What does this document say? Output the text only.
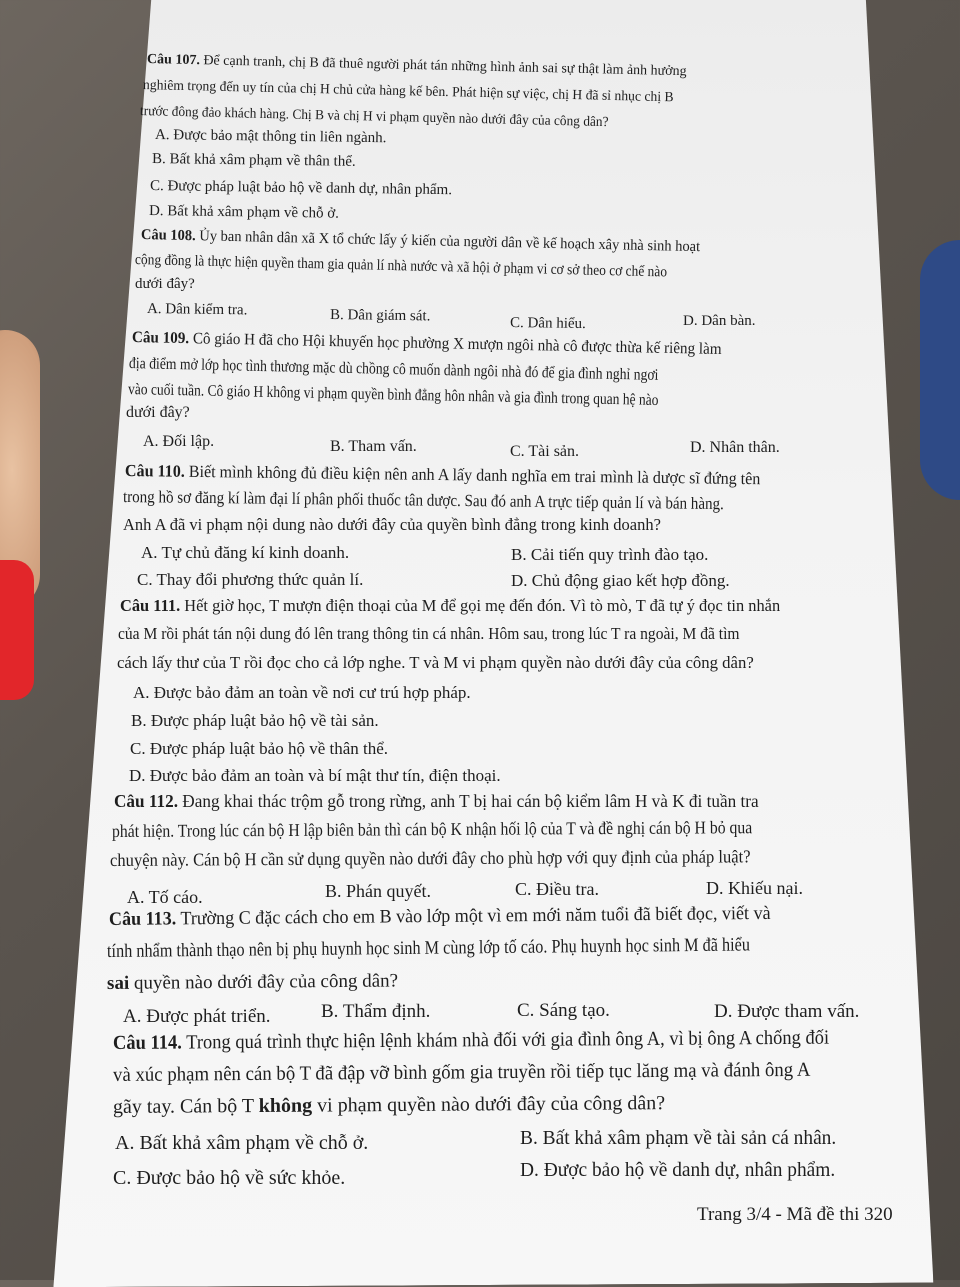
Câu 107. Để cạnh tranh, chị B đã thuê người phát tán những hình ảnh sai sự thật làm ảnh hưởng
nghiêm trọng đến uy tín của chị H chủ cửa hàng kế bên. Phát hiện sự việc, chị H đã sỉ nhục chị B
trước đông đảo khách hàng. Chị B và chị H vi phạm quyền nào dưới đây của công dân?
A. Được bảo mật thông tin liên ngành.
B. Bất khả xâm phạm về thân thể.
C. Được pháp luật bảo hộ về danh dự, nhân phẩm.
D. Bất khả xâm phạm về chỗ ở.
Câu 108. Ủy ban nhân dân xã X tổ chức lấy ý kiến của người dân về kế hoạch xây nhà sinh hoạt
cộng đồng là thực hiện quyền tham gia quản lí nhà nước và xã hội ở phạm vi cơ sở theo cơ chế nào
dưới đây?
A. Dân kiểm tra.	B. Dân giám sát.	C. Dân hiểu.	D. Dân bàn.
Câu 109. Cô giáo H đã cho Hội khuyến học phường X mượn ngôi nhà cô được thừa kế riêng làm
địa điểm mở lớp học tình thương mặc dù chồng cô muốn dành ngôi nhà đó để gia đình nghỉ ngơi
vào cuối tuần. Cô giáo H không vi phạm quyền bình đẳng hôn nhân và gia đình trong quan hệ nào
dưới đây?
A. Đối lập.	B. Tham vấn.	C. Tài sản.	D. Nhân thân.
Câu 110. Biết mình không đủ điều kiện nên anh A lấy danh nghĩa em trai mình là dược sĩ đứng tên
trong hồ sơ đăng kí làm đại lí phân phối thuốc tân dược. Sau đó anh A trực tiếp quản lí và bán hàng.
Anh A đã vi phạm nội dung nào dưới đây của quyền bình đẳng trong kinh doanh?
A. Tự chủ đăng kí kinh doanh.	B. Cải tiến quy trình đào tạo.
C. Thay đổi phương thức quản lí.	D. Chủ động giao kết hợp đồng.
Câu 111. Hết giờ học, T mượn điện thoại của M để gọi mẹ đến đón. Vì tò mò, T đã tự ý đọc tin nhắn
của M rồi phát tán nội dung đó lên trang thông tin cá nhân. Hôm sau, trong lúc T ra ngoài, M đã tìm
cách lấy thư của T rồi đọc cho cả lớp nghe. T và M vi phạm quyền nào dưới đây của công dân?
A. Được bảo đảm an toàn về nơi cư trú hợp pháp.
B. Được pháp luật bảo hộ về tài sản.
C. Được pháp luật bảo hộ về thân thể.
D. Được bảo đảm an toàn và bí mật thư tín, điện thoại.
Câu 112. Đang khai thác trộm gỗ trong rừng, anh T bị hai cán bộ kiểm lâm H và K đi tuần tra
phát hiện. Trong lúc cán bộ H lập biên bản thì cán bộ K nhận hối lộ của T và đề nghị cán bộ H bỏ qua
chuyện này. Cán bộ H cần sử dụng quyền nào dưới đây cho phù hợp với quy định của pháp luật?
A. Tố cáo.	B. Phán quyết.	C. Điều tra.	D. Khiếu nại.
Câu 113. Trường C đặc cách cho em B vào lớp một vì em mới năm tuổi đã biết đọc, viết và
tính nhẩm thành thạo nên bị phụ huynh học sinh M cùng lớp tố cáo. Phụ huynh học sinh M đã hiểu
sai quyền nào dưới đây của công dân?
A. Được phát triển.	B. Thẩm định.	C. Sáng tạo.	D. Được tham vấn.
Câu 114. Trong quá trình thực hiện lệnh khám nhà đối với gia đình ông A, vì bị ông A chống đối
và xúc phạm nên cán bộ T đã đập vỡ bình gốm gia truyền rồi tiếp tục lăng mạ và đánh ông A
gãy tay. Cán bộ T không vi phạm quyền nào dưới đây của công dân?
A. Bất khả xâm phạm về chỗ ở.	B. Bất khả xâm phạm về tài sản cá nhân.
C. Được bảo hộ về sức khỏe.	D. Được bảo hộ về danh dự, nhân phẩm.
Trang 3/4 - Mã đề thi 320
